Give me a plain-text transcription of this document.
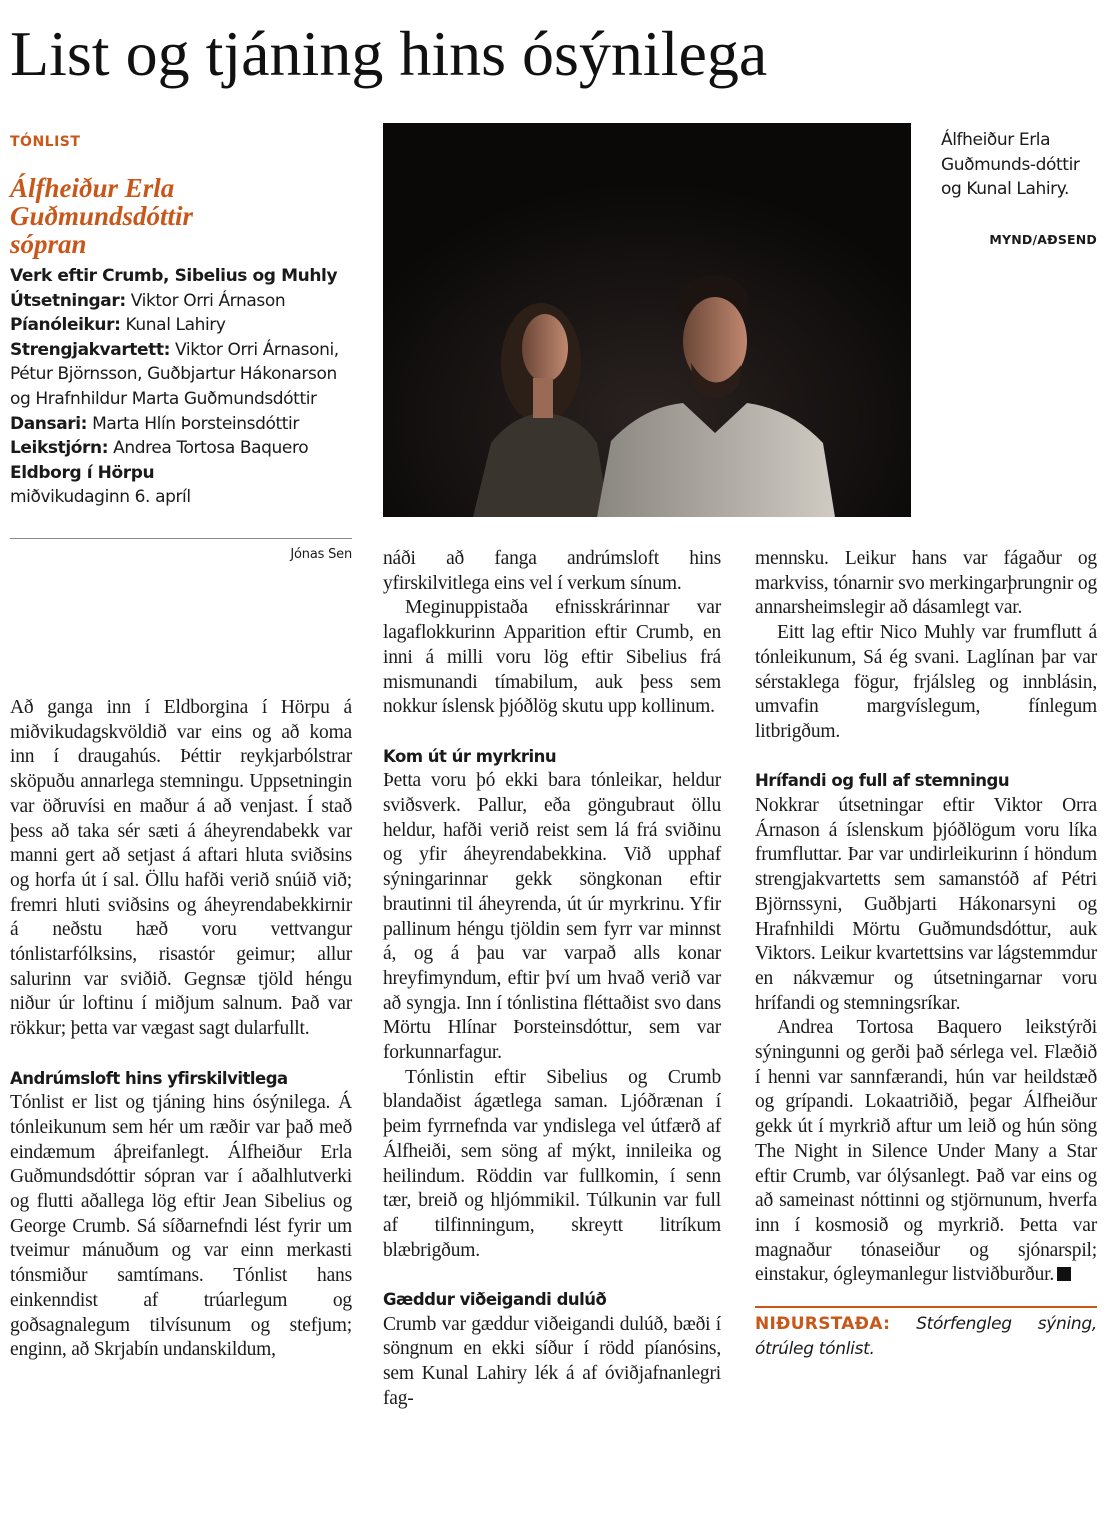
List og tjáning hins ósýnilega
TÓNLIST
Álfheiður Erla
Guðmundsdóttir
sópran
Verk eftir Crumb, Sibelius og Muhly
Útsetningar: Viktor Orri Árnason
Píanóleikur: Kunal Lahiry
Strengjakvartett: Viktor Orri Árnasoni, Pétur Björnsson, Guðbjartur Hákonarson og Hrafnhildur Marta Guðmundsdóttir
Dansari: Marta Hlín Þorsteinsdóttir
Leikstjórn: Andrea Tortosa Baquero
Eldborg í Hörpu
miðvikudaginn 6. apríl
Jónas Sen

Að ganga inn í Eldborgina í Hörpu á miðvikudagskvöldið var eins og að koma inn í draugahús. Þéttir reykjarbólstrar sköpuðu annarlega stemningu. Uppsetningin var öðruvísi en maður á að venjast. Í stað þess að taka sér sæti á áheyrendabekk var manni gert að setjast á aftari hluta sviðsins og horfa út í sal. Öllu hafði verið snúið við; fremri hluti sviðsins og áheyrendabekkirnir á neðstu hæð voru vettvangur tónlistarfólksins, risastór geimur; allur salurinn var sviðið. Gegnsæ tjöld héngu niður úr loftinu í miðjum salnum. Það var rökkur; þetta var vægast sagt dularfullt.

Andrúmsloft hins yfirskilvitlega

Tónlist er list og tjáning hins ósýnilega. Á tónleikunum sem hér um ræðir var það með eindæmum áþreifanlegt. Álfheiður Erla Guðmundsdóttir sópran var í aðalhlutverki og flutti aðallega lög eftir Jean Sibelius og George Crumb. Sá síðarnefndi lést fyrir um tveimur mánuðum og var einn merkasti tónsmiður samtímans. Tónlist hans einkenndist af trúarlegum og goðsagnalegum tilvísunum og stefjum; enginn, að Skrjabín undanskildum,

Álfheiður Erla Guðmunds-dóttir og Kunal Lahiry.
MYND/AÐSEND

náði að fanga andrúmsloft hins yfirskilvitlega eins vel í verkum sínum.

Meginuppistaða efnisskrárinnar var lagaflokkurinn Apparition eftir Crumb, en inni á milli voru lög eftir Sibelius frá mismunandi tímabilum, auk þess sem nokkur íslensk þjóðlög skutu upp kollinum.

Kom út úr myrkrinu

Þetta voru þó ekki bara tónleikar, heldur sviðsverk. Pallur, eða göngubraut öllu heldur, hafði verið reist sem lá frá sviðinu og yfir áheyrendabekkina. Við upphaf sýningarinnar gekk söngkonan eftir brautinni til áheyrenda, út úr myrkrinu. Yfir pallinum héngu tjöldin sem fyrr var minnst á, og á þau var varpað alls konar hreyfimyndum, eftir því um hvað verið var að syngja. Inn í tónlistina fléttaðist svo dans Mörtu Hlínar Þorsteinsdóttur, sem var forkunnarfagur.

Tónlistin eftir Sibelius og Crumb blandaðist ágætlega saman. Ljóðrænan í þeim fyrrnefnda var yndislega vel útfærð af Álfheiði, sem söng af mýkt, innileika og heilindum. Röddin var fullkomin, í senn tær, breið og hljómmikil. Túlkunin var full af tilfinningum, skreytt litríkum blæbrigðum.

Gæddur viðeigandi dulúð

Crumb var gæddur viðeigandi dulúð, bæði í söngnum en ekki síður í rödd píanósins, sem Kunal Lahiry lék á af óviðjafnanlegri fag-

mennsku. Leikur hans var fágaður og markviss, tónarnir svo merkingarþrungnir og annarsheimslegir að dásamlegt var.

Eitt lag eftir Nico Muhly var frumflutt á tónleikunum, Sá ég svani. Laglínan þar var sérstaklega fögur, frjálsleg og innblásin, umvafin margvíslegum, fínlegum litbrigðum.

Hrífandi og full af stemningu

Nokkrar útsetningar eftir Viktor Orra Árnason á íslenskum þjóðlögum voru líka frumfluttar. Þar var undirleikurinn í höndum strengjakvartetts sem samanstóð af Pétri Björnssyni, Guðbjarti Hákonarsyni og Hrafnhildi Mörtu Guðmundsdóttur, auk Viktors. Leikur kvartettsins var lágstemmdur en nákvæmur og útsetningarnar voru hrífandi og stemningsríkar.

Andrea Tortosa Baquero leikstýrði sýningunni og gerði það sérlega vel. Flæðið í henni var sannfærandi, hún var heildstæð og grípandi. Lokaatriðið, þegar Álfheiður gekk út í myrkrið aftur um leið og hún söng The Night in Silence Under Many a Star eftir Crumb, var ólýsanlegt. Það var eins og að sameinast nóttinni og stjörnunum, hverfa inn í kosmosið og myrkrið. Þetta var magnaður tónaseiður og sjónarspil; einstakur, ógleymanlegur listviðburður.

NIÐURSTAÐA: Stórfengleg sýning, ótrúleg tónlist.
